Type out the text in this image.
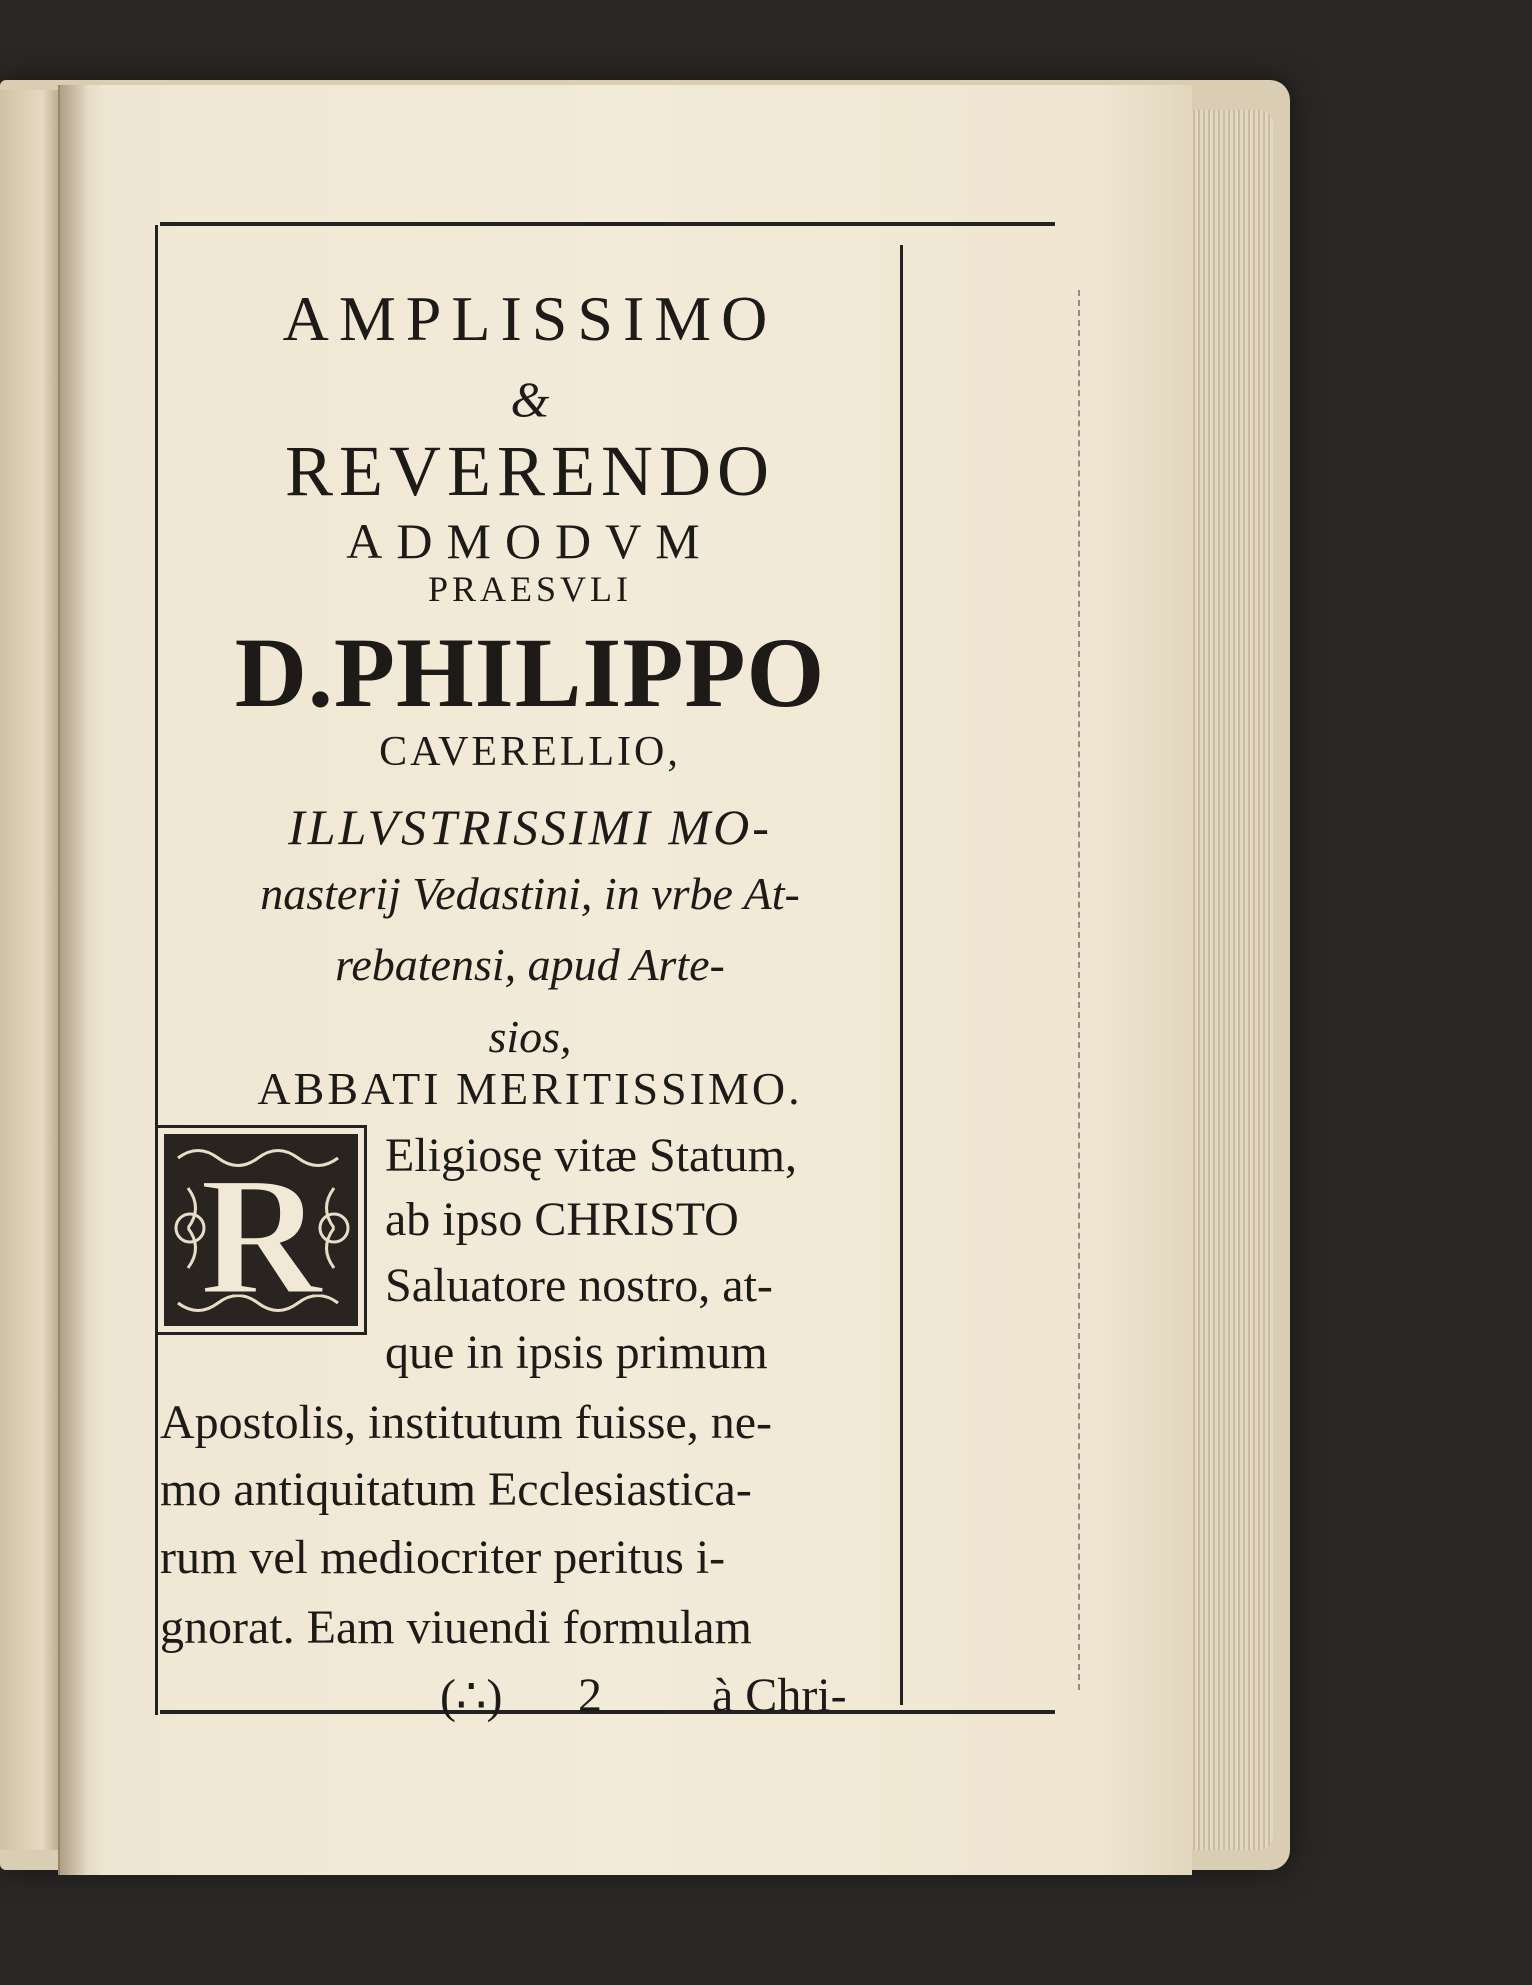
AMPLISSIMO
&
REVERENDO
ADMODVM
PRAESVLI
D.PHILIPPO
CAVERELLIO,
ILLVSTRISSIMI MO-
nasterij Vedastini, in vrbe At-
rebatensi, apud Arte-
sios,
ABBATI MERITISSIMO.
R Eligiosę vitæ Statum,
ab ipso CHRISTO
Saluatore nostro, at-
que in ipsis primum
Apostolis, institutum fuisse, ne-
mo antiquitatum Ecclesiastica-
rum vel mediocriter peritus i-
gnorat. Eam viuendi formulam
(∴) 2 à Chri-
